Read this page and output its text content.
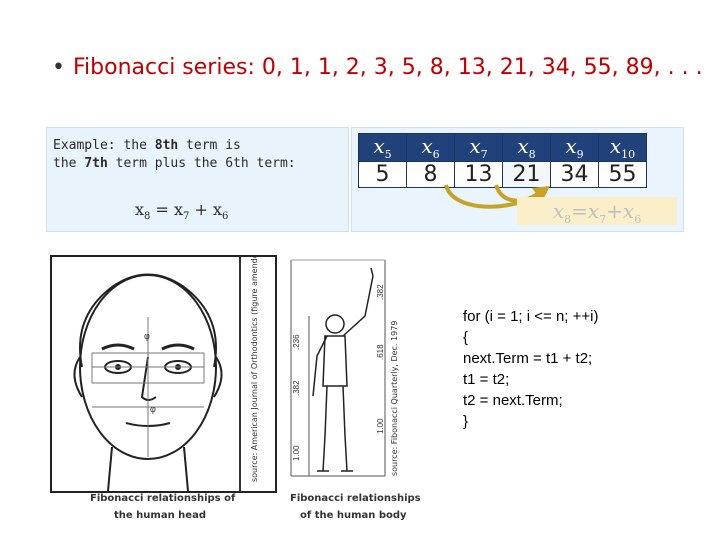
• Fibonacci series: 0, 1, 1, 2, 3, 5, 8, 13, 21, 34, 55, 89, . . .
Example: the 8th term is
the 7th term plus the 6th term:
$x_8 = x_7 + x_6$
$x_5$	$x_6$	$x_7$	$x_8$	$x_9$	$x_{10}$
5	8	13	21	34	55
$x_8=x_7+x_6$
φ
φ	source: American Journal of Orthodontics (figure amended)
Fibonacci relationships of
the human head
.236
.382
1.00
.382
.618
1.00 source: Fibonacci Quarterly, Dec. 1979
Fibonacci relationships
of the human body
for (i = 1; i <= n; ++i)
{
next.Term = t1 + t2;
t1 = t2;
t2 = next.Term;
}
